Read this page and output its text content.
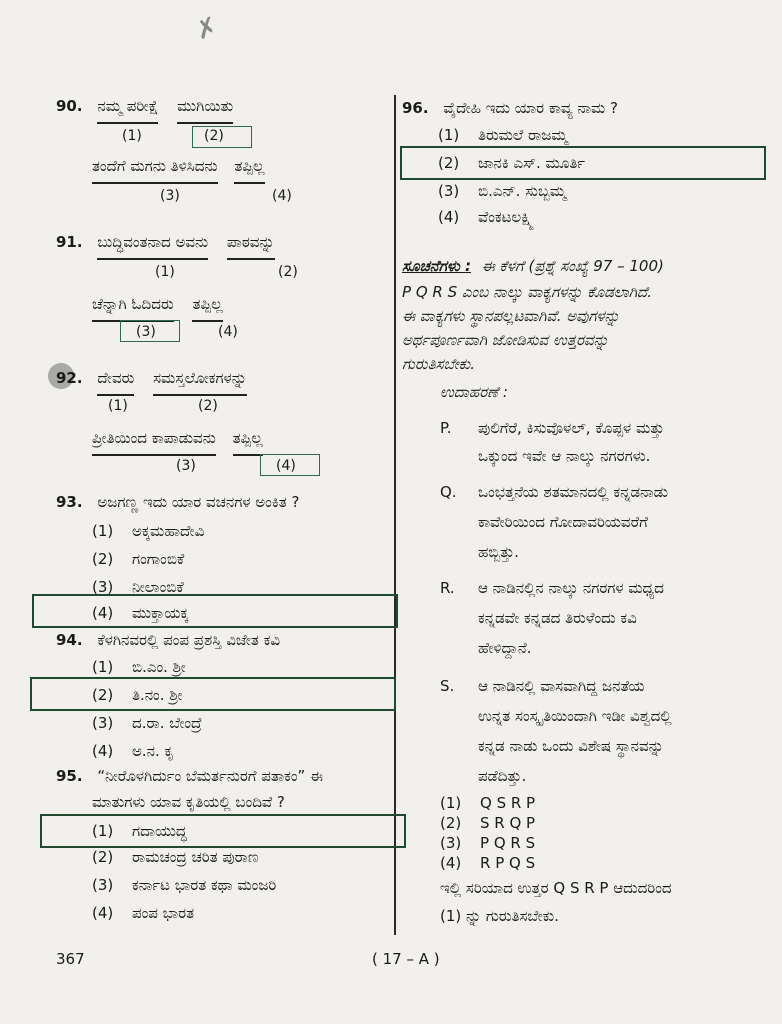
✗
90. ನಮ್ಮ ಪರೀಕ್ಷೆ ಮುಗಿಯಿತು
(1)	(2)
ತಂದೆಗೆ ಮಗನು ತಿಳಿಸಿದನು ತಪ್ಪಿಲ್ಲ
(3)	(4)
91. ಬುದ್ಧಿವಂತನಾದ ಅವನು ಪಾಠವನ್ನು
(1)	(2)
ಚೆನ್ನಾಗಿ ಓದಿದರು ತಪ್ಪಿಲ್ಲ
(3)	(4)
92. ದೇವರು ಸಮಸ್ತಲೋಕಗಳನ್ನು
(1)	(2)
ಪ್ರೀತಿಯಿಂದ ಕಾಪಾಡುವನು ತಪ್ಪಿಲ್ಲ
(3)	(4)
93. ಅಜಗಣ್ಣ ಇದು ಯಾರ ವಚನಗಳ ಅಂಕಿತ ?
(1) ಅಕ್ಕಮಹಾದೇವಿ
(2) ಗಂಗಾಂಬಿಕೆ
(3) ನೀಲಾಂಬಿಕೆ
(4) ಮುಕ್ತಾಯಕ್ಕ
94. ಕೆಳಗಿನವರಲ್ಲಿ ಪಂಪ ಪ್ರಶಸ್ತಿ ವಿಜೇತ ಕವಿ
(1) ಬಿ.ಎಂ. ಶ್ರೀ
(2) ತಿ.ನಂ. ಶ್ರೀ
(3) ದ.ರಾ. ಬೇಂದ್ರೆ
(4) ಅ.ನ. ಕೃ
95. “ನೀರೊಳಗಿರ್ದುಂ ಬೆಮರ್ತನುರಗೆ ಪತಾಕಂ” ಈ
ಮಾತುಗಳು ಯಾವ ಕೃತಿಯಲ್ಲಿ ಬಂದಿವೆ ?
(1) ಗದಾಯುದ್ಧ
(2) ರಾಮಚಂದ್ರ ಚರಿತ ಪುರಾಣ
(3) ಕರ್ನಾಟ ಭಾರತ ಕಥಾ ಮಂಜರಿ
(4) ಪಂಪ ಭಾರತ
96. ವೈದೇಹಿ ಇದು ಯಾರ ಕಾವ್ಯ ನಾಮ ?
(1) ತಿರುಮಲೆ ರಾಜಮ್ಮ
(2) ಜಾನಕಿ ಎಸ್. ಮೂರ್ತಿ
(3) ಬಿ.ಎನ್. ಸುಬ್ಬಮ್ಮ
(4) ವೆಂಕಟಲಕ್ಷ್ಮಿ
ಸೂಚನೆಗಳು : ಈ ಕೆಳಗೆ (ಪ್ರಶ್ನೆ ಸಂಖ್ಯೆ 97 – 100)
P Q R S ಎಂಬ ನಾಲ್ಕು ವಾಕ್ಯಗಳನ್ನು ಕೊಡಲಾಗಿದೆ.
ಈ ವಾಕ್ಯಗಳು ಸ್ಥಾನಪಲ್ಲಟವಾಗಿವೆ. ಅವುಗಳನ್ನು
ಅರ್ಥಪೂರ್ಣವಾಗಿ ಜೋಡಿಸುವ ಉತ್ತರವನ್ನು
ಗುರುತಿಸಬೇಕು.
ಉದಾಹರಣೆ :
P. ಪುಲಿಗೆರೆ, ಕಿಸುವೊಳಲ್, ಕೊಪ್ಪಳ ಮತ್ತು
ಒಕ್ಕುಂದ ಇವೇ ಆ ನಾಲ್ಕು ನಗರಗಳು.
Q. ಒಂಭತ್ತನೆಯ ಶತಮಾನದಲ್ಲಿ ಕನ್ನಡನಾಡು
ಕಾವೇರಿಯಿಂದ ಗೋದಾವರಿಯವರೆಗೆ
ಹಬ್ಬಿತ್ತು.
R. ಆ ನಾಡಿನಲ್ಲಿನ ನಾಲ್ಕು ನಗರಗಳ ಮಧ್ಯದ
ಕನ್ನಡವೇ ಕನ್ನಡದ ತಿರುಳೆಂದು ಕವಿ
ಹೇಳಿದ್ದಾನೆ.
S. ಆ ನಾಡಿನಲ್ಲಿ ವಾಸವಾಗಿದ್ದ ಜನತೆಯ
ಉನ್ನತ ಸಂಸ್ಕೃತಿಯಿಂದಾಗಿ ಇಡೀ ವಿಶ್ವದಲ್ಲಿ
ಕನ್ನಡ ನಾಡು ಒಂದು ವಿಶೇಷ ಸ್ಥಾನವನ್ನು
ಪಡೆದಿತ್ತು.
(1) Q S R P
(2) S R Q P
(3) P Q R S
(4) R P Q S
ಇಲ್ಲಿ ಸರಿಯಾದ ಉತ್ತರ Q S R P ಆದುದರಿಂದ
(1) ನ್ನು ಗುರುತಿಸಬೇಕು.
367	( 17 – A )
